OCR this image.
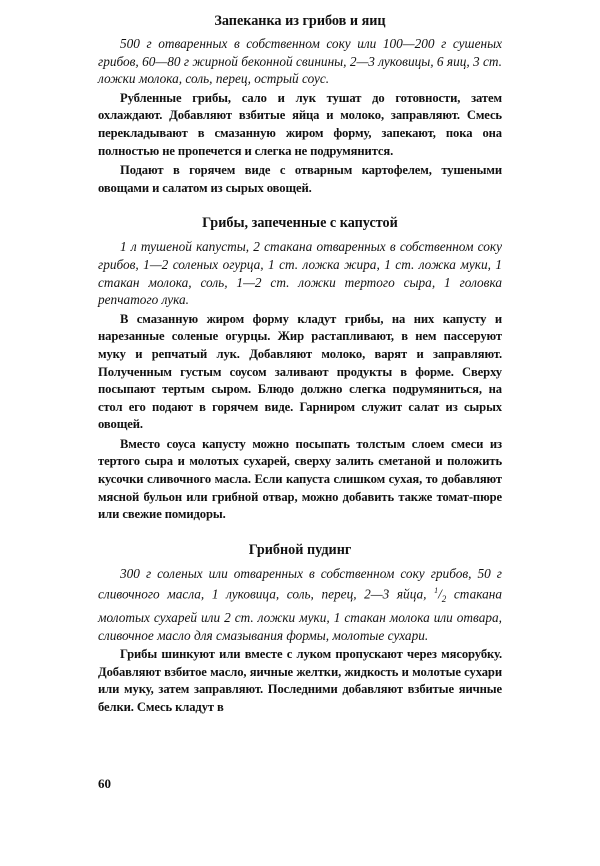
Запеканка из грибов и яиц

500 г отваренных в собственном соку или 100—200 г сушеных грибов, 60—80 г жирной беконной свинины, 2—3 луковицы, 6 яиц, 3 ст. ложки молока, соль, перец, острый соус.

Рубленные грибы, сало и лук тушат до готовности, затем охлаждают. Добавляют взбитые яйца и молоко, заправляют. Смесь перекладывают в смазанную жиром форму, запекают, пока она полностью не пропечется и слегка не подрумянится.

Подают в горячем виде с отварным картофелем, тушеными овощами и салатом из сырых овощей.

Грибы, запеченные с капустой

1 л тушеной капусты, 2 стакана отваренных в собственном соку грибов, 1—2 соленых огурца, 1 ст. ложка жира, 1 ст. ложка муки, 1 стакан молока, соль, 1—2 ст. ложки тертого сыра, 1 головка репчатого лука.

В смазанную жиром форму кладут грибы, на них капусту и нарезанные соленые огурцы. Жир растапливают, в нем пассеруют муку и репчатый лук. Добавляют молоко, варят и заправляют. Полученным густым соусом заливают продукты в форме. Сверху посыпают тертым сыром. Блюдо должно слегка подрумяниться, на стол его подают в горячем виде. Гарниром служит салат из сырых овощей.

Вместо соуса капусту можно посыпать толстым слоем смеси из тертого сыра и молотых сухарей, сверху залить сметаной и положить кусочки сливочного масла. Если капуста слишком сухая, то добавляют мясной бульон или грибной отвар, можно добавить также томат-пюре или свежие помидоры.

Грибной пудинг

300 г соленых или отваренных в собственном соку грибов, 50 г сливочного масла, 1 луковица, соль, перец, 2—3 яйца, $^1/_2$ стакана молотых сухарей или 2 ст. ложки муки, 1 стакан молока или отвара, сливочное масло для смазывания формы, молотые сухари.

Грибы шинкуют или вместе с луком пропускают через мясорубку. Добавляют взбитое масло, яичные желтки, жидкость и молотые сухари или муку, затем заправляют. Последними добавляют взбитые яичные белки. Смесь кладут в

60
